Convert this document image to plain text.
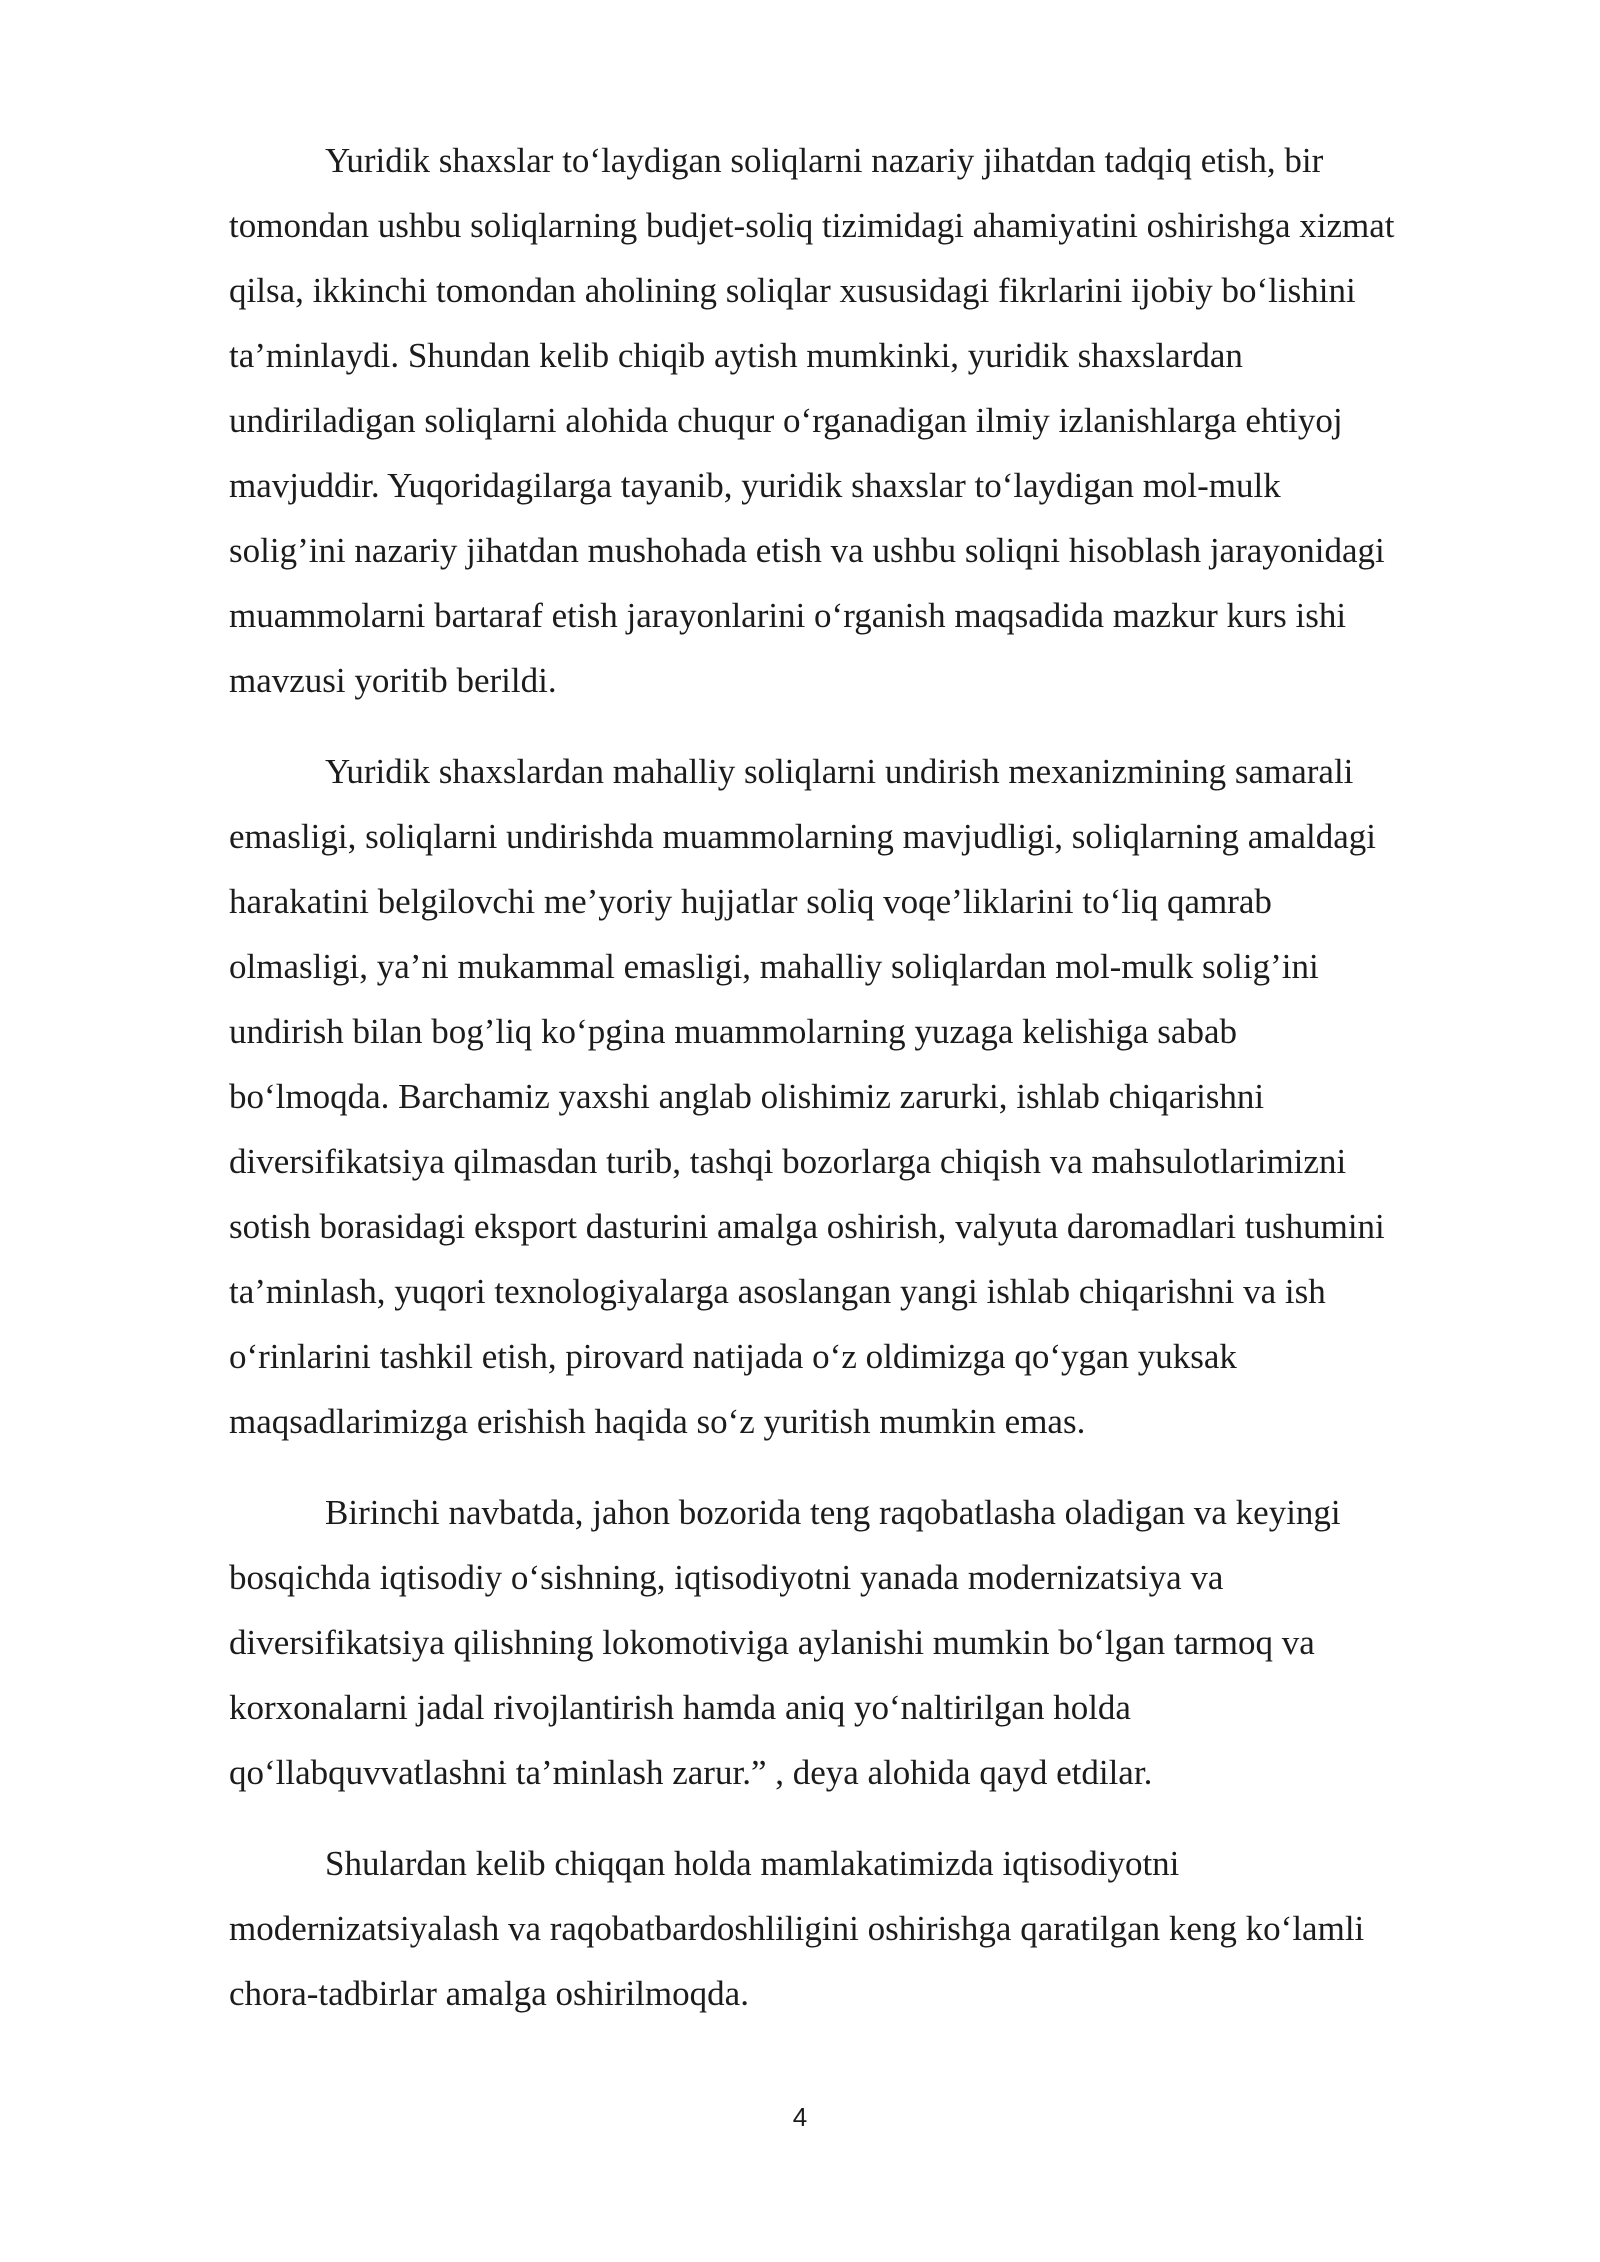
Yuridik shaxslar to‘laydigan soliqlarni nazariy jihatdan tadqiq etish, bir
tomondan ushbu soliqlarning budjet-soliq tizimidagi ahamiyatini oshirishga xizmat
qilsa, ikkinchi tomondan aholining soliqlar xususidagi fikrlarini ijobiy bo‘lishini
ta’minlaydi. Shundan kelib chiqib aytish mumkinki, yuridik shaxslardan
undiriladigan soliqlarni alohida chuqur o‘rganadigan ilmiy izlanishlarga ehtiyoj
mavjuddir. Yuqoridagilarga tayanib, yuridik shaxslar to‘laydigan mol-mulk
solig’ini nazariy jihatdan mushohada etish va ushbu soliqni hisoblash jarayonidagi
muammolarni bartaraf etish jarayonlarini o‘rganish maqsadida mazkur kurs ishi
mavzusi yoritib berildi.

Yuridik shaxslardan mahalliy soliqlarni undirish mexanizmining samarali
emasligi, soliqlarni undirishda muammolarning mavjudligi, soliqlarning amaldagi
harakatini belgilovchi me’yoriy hujjatlar soliq voqe’liklarini to‘liq qamrab
olmasligi, ya’ni mukammal emasligi, mahalliy soliqlardan mol-mulk solig’ini
undirish bilan bog’liq ko‘pgina muammolarning yuzaga kelishiga sabab
bo‘lmoqda. Barchamiz yaxshi anglab olishimiz zarurki, ishlab chiqarishni
diversifikatsiya qilmasdan turib, tashqi bozorlarga chiqish va mahsulotlarimizni
sotish borasidagi eksport dasturini amalga oshirish, valyuta daromadlari tushumini
ta’minlash, yuqori texnologiyalarga asoslangan yangi ishlab chiqarishni va ish
o‘rinlarini tashkil etish, pirovard natijada o‘z oldimizga qo‘ygan yuksak
maqsadlarimizga erishish haqida so‘z yuritish mumkin emas.

Birinchi navbatda, jahon bozorida teng raqobatlasha oladigan va keyingi
bosqichda iqtisodiy o‘sishning, iqtisodiyotni yanada modernizatsiya va
diversifikatsiya qilishning lokomotiviga aylanishi mumkin bo‘lgan tarmoq va
korxonalarni jadal rivojlantirish hamda aniq yo‘naltirilgan holda
qo‘llabquvvatlashni ta’minlash zarur.” , deya alohida qayd etdilar.

Shulardan kelib chiqqan holda mamlakatimizda iqtisodiyotni
modernizatsiyalash va raqobatbardoshliligini oshirishga qaratilgan keng ko‘lamli
chora-tadbirlar amalga oshirilmoqda.

4
